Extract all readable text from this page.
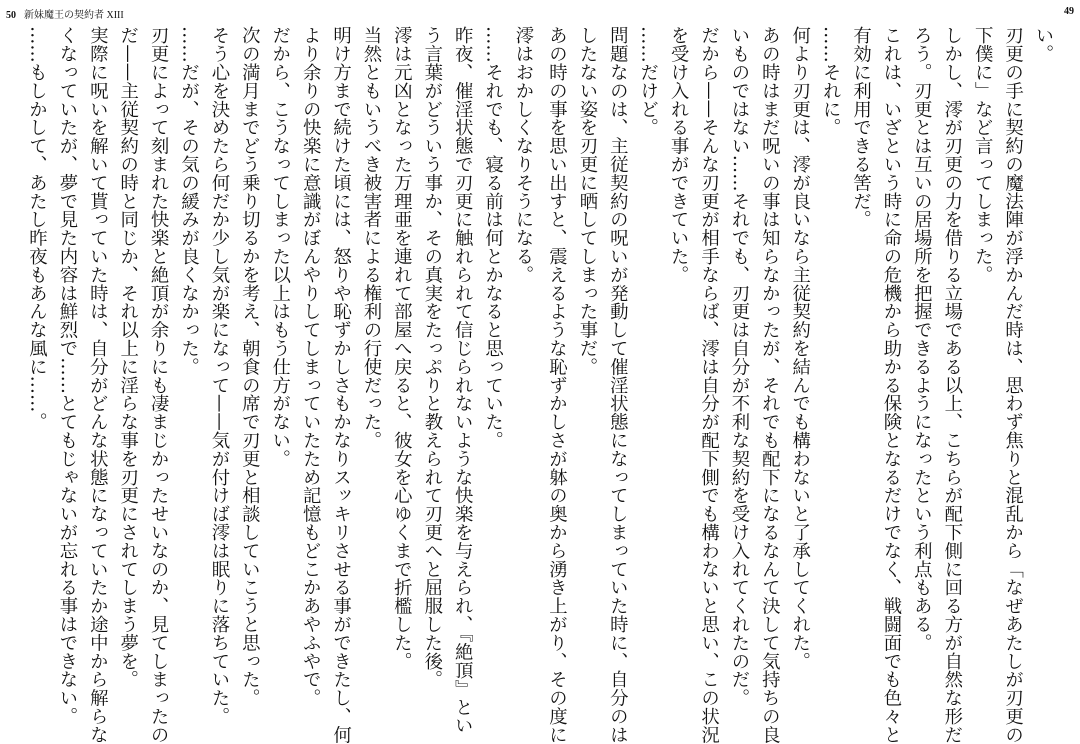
50 新妹魔王の契約者 XIII	49
い。
刃更の手に契約の魔法陣が浮かんだ時は、思わず焦りと混乱から「なぜあたしが刃更の
下僕に」など言ってしまった。
しかし、澪が刃更の力を借りる立場である以上、こちらが配下側に回る方が自然な形だ
ろう。刃更とは互いの居場所を把握できるようになったという利点もある。
これは、いざという時に命の危機から助かる保険となるだけでなく、戦闘面でも色々と
有効に利用できる筈だ。
……それに。
何より刃更は、澪が良いなら主従契約を結んでも構わないと了承してくれた。
あの時はまだ呪いの事は知らなかったが、それでも配下になるなんて決して気持ちの良
いものではない……それでも、刃更は自分が不利な契約を受け入れてくれたのだ。
だから——そんな刃更が相手ならば、澪は自分が配下側でも構わないと思い、この状況
を受け入れる事ができていた。
……だけど。
問題なのは、主従契約の呪いが発動して催淫状態になってしまっていた時に、自分のは
したない姿を刃更に晒してしまった事だ。
あの時の事を思い出すと、震えるような恥ずかしさが躰の奥から湧き上がり、その度に
澪はおかしくなりそうになる。
……それでも、寝る前は何とかなると思っていた。
昨夜、催淫状態で刃更に触れられて信じられないような快楽を与えられ、『絶頂』とい
う言葉がどういう事か、その真実をたっぷりと教えられて刃更へと屈服した後。
澪は元凶となった万理亜を連れて部屋へ戻ると、彼女を心ゆくまで折檻した。
当然ともいうべき被害者による権利の行使だった。
明け方まで続けた頃には、怒りや恥ずかしさもかなりスッキリさせる事ができたし、何
より余りの快楽に意識がぼんやりしてしまっていたため記憶もどこかあやふやで。
だから、こうなってしまった以上はもう仕方がない。
次の満月までどう乗り切るかを考え、朝食の席で刃更と相談していこうと思った。
そう心を決めたら何だか少し気が楽になって——気が付けば澪は眠りに落ちていた。
……だが、その気の緩みが良くなかった。
刃更によって刻まれた快楽と絶頂が余りにも凄まじかったせいなのか、見てしまったの
だ——主従契約の時と同じか、それ以上に淫らな事を刃更にされてしまう夢を。
実際に呪いを解いて貰っていた時は、自分がどんな状態になっていたか途中から解らな
くなっていたが、夢で見た内容は鮮烈で……とてもじゃないが忘れる事はできない。
……もしかして、あたし昨夜もあんな風に……。
